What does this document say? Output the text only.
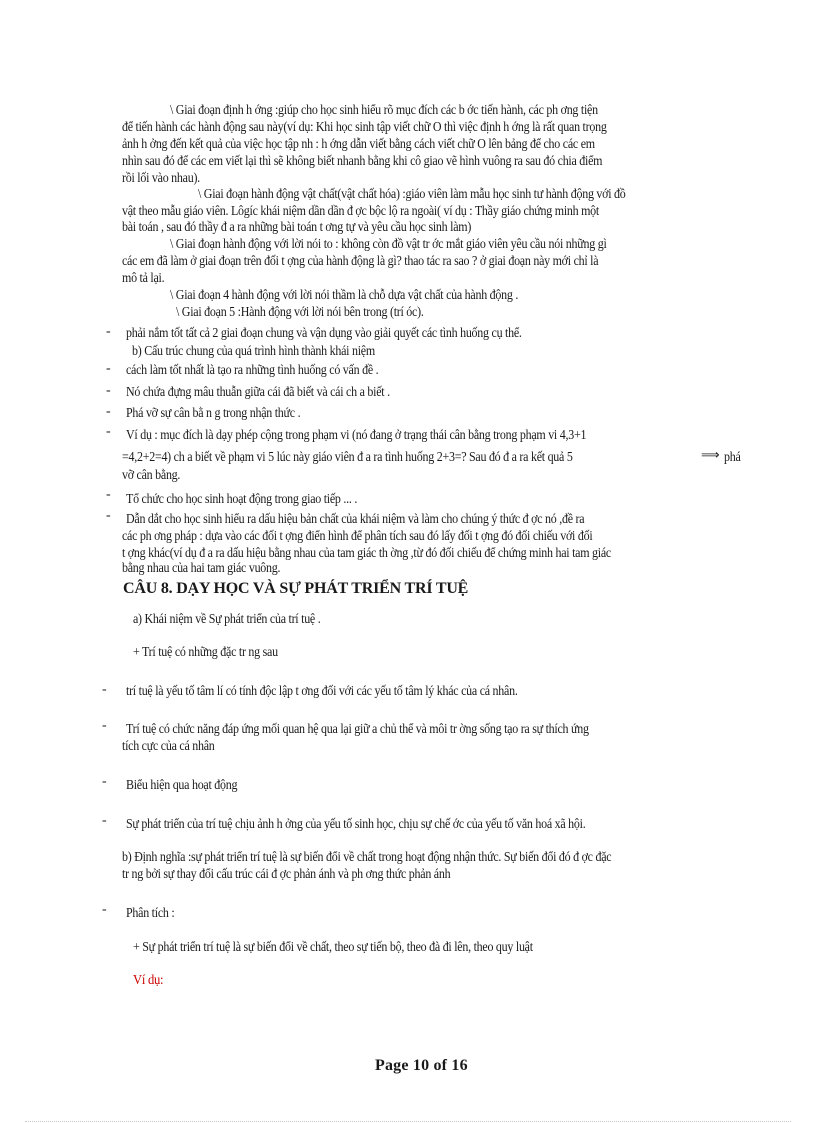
\ Giai đoạn định h ớng :giúp cho học sinh hiểu rõ mục đích các b ớc tiến hành, các ph ơng tiện
để tiến hành các hành động sau này(ví dụ: Khi học sinh tập viết chữ O thì việc định h ớng là rất quan trọng
ảnh h ởng đến kết quả của việc học tập nh : h ớng dẫn viết bằng cách viết chữ O lên bảng để cho các em
nhìn sau đó để các em viết lại thì sẽ không biết nhanh bằng khi cô giao vẽ hình vuông ra sau đó chia điểm
rồi lối vào nhau).
\ Giai đoạn hành động vật chất(vật chất hóa) :giáo viên làm mẫu học sinh tư hành động với đồ
vật theo mẫu giáo viên. Lôgíc khái niệm dần dần đ ợc bộc lộ ra ngoài( ví dụ : Thầy giáo chứng minh một
bài toán , sau đó thầy đ a ra những bài toán t ơng tự và yêu cầu học sinh làm)
\ Giai đoạn hành động với lời nói to : không còn đồ vật tr ớc mắt giáo viên yêu cầu nói những gì
các em đã làm ở giai đoạn trên đối t ợng của hành động là gì? thao tác ra sao ? ở giai đoạn này mới chỉ là
mô tả lại.
\ Giai đoạn 4 hành động với lời nói thầm là chỗ dựa vật chất của hành động .
\ Giai đoạn 5 :Hành động với lời nói bên trong (trí óc).
- phải nắm tốt tất cả 2 giai đoạn chung và vận dụng vào giải quyết các tình huống cụ thể.
b) Cấu trúc chung của quá trình hình thành khái niệm
- cách làm tốt nhất là tạo ra những tình huống có vấn đề .
- Nó chứa đựng mâu thuẫn giữa cái đã biết và cái ch a biết .
- Phá vỡ sự cân bằ n g trong nhận thức .
- Ví dụ : mục đích là dạy phép cộng trong phạm vi (nó đang ở trạng thái cân bằng trong phạm vi 4,3+1
=4,2+2=4) ch a biết về phạm vi 5 lúc này giáo viên đ a ra tình huống 2+3=? Sau đó đ a ra kết quả 5	⟹ phá
vỡ cân bằng.
- Tổ chức cho học sinh hoạt động trong giao tiếp ... .
- Dẫn dắt cho học sinh hiểu ra dấu hiệu bản chất của khái niệm và làm cho chúng ý thức đ ợc nó ,đề ra
các ph ơng pháp : dựa vào các đối t ợng điển hình để phân tích sau đó lấy đối t ợng đó đối chiếu với đối
t ợng khác(ví dụ đ a ra dấu hiệu bằng nhau của tam giác th ờng ,từ đó đối chiếu để chứng minh hai tam giác
bằng nhau của hai tam giác vuông.
CÂU 8. DẠY HỌC VÀ SỰ PHÁT TRIỂN TRÍ TUỆ
a) Khái niệm về Sự phát triển của trí tuệ .
+ Trí tuệ có những đặc tr ng sau
- trí tuệ là yếu tố tâm lí có tính độc lập t ơng đối với các yếu tố tâm lý khác của cá nhân.
- Trí tuệ có chức năng đáp ứng mối quan hệ qua lại giữ a chủ thể và môi tr ờng sống tạo ra sự thích ứng
tích cực của cá nhân
- Biểu hiện qua hoạt động
- Sự phát triển của trí tuệ chịu ảnh h ởng của yếu tố sinh học, chịu sự chế ớc của yếu tố văn hoá xã hội.
b) Định nghĩa :sự phát triển trí tuệ là sự biến đổi về chất trong hoạt động nhận thức. Sự biến đổi đó đ ợc đặc
tr ng bởi sự thay đổi cấu trúc cái đ ợc phản ánh và ph ơng thức phản ánh
- Phân tích :
+ Sự phát triển trí tuệ là sự biến đổi về chất, theo sự tiến bộ, theo đà đi lên, theo quy luật
Ví dụ:
Page 10 of 16
